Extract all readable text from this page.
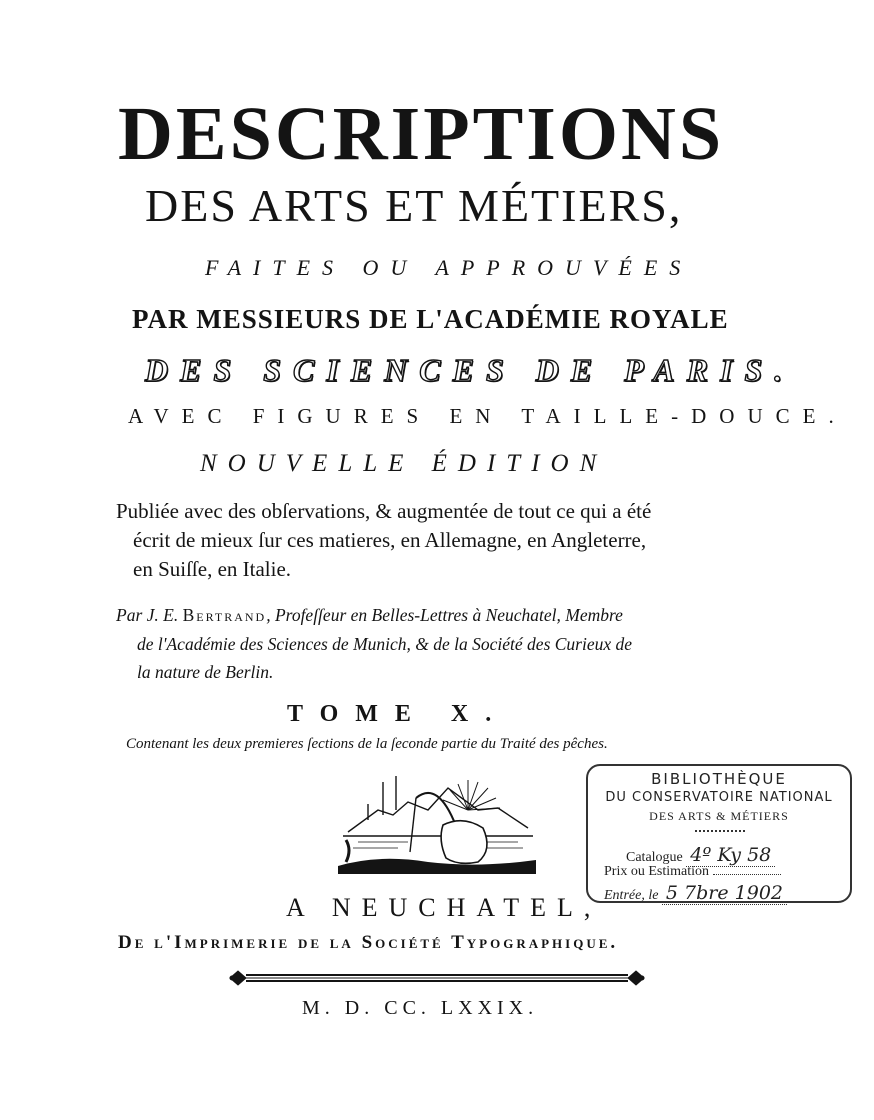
DESCRIPTIONS
DES ARTS ET MÉTIERS,
FAITES OU APPROUVÉES
PAR MESSIEURS DE L'ACADÉMIE ROYALE
DES SCIENCES DE PARIS.
AVEC FIGURES EN TAILLE-DOUCE.
NOUVELLE ÉDITION
Publiée avec des obſervations, & augmentée de tout ce qui a été
écrit de mieux ſur ces matieres, en Allemagne, en Angleterre,
en Suiſſe, en Italie.
Par J. E. Bertrand, Profeſſeur en Belles-Lettres à Neuchatel, Membre
de l'Académie des Sciences de Munich, & de la Société des Curieux de
la nature de Berlin.
TOME X.
Contenant les deux premieres ſections de la ſeconde partie du Traité des pêches.
BIBLIOTHÈQUE
DU CONSERVATOIRE NATIONAL
DES ARTS & MÉTIERS
Catalogue 4º Ky 58
Prix ou Estimation
Entrée, le 5 7bre 1902
A NEUCHATEL,
De l'Imprimerie de la Société Typographique.
M. D. CC. LXXIX.
